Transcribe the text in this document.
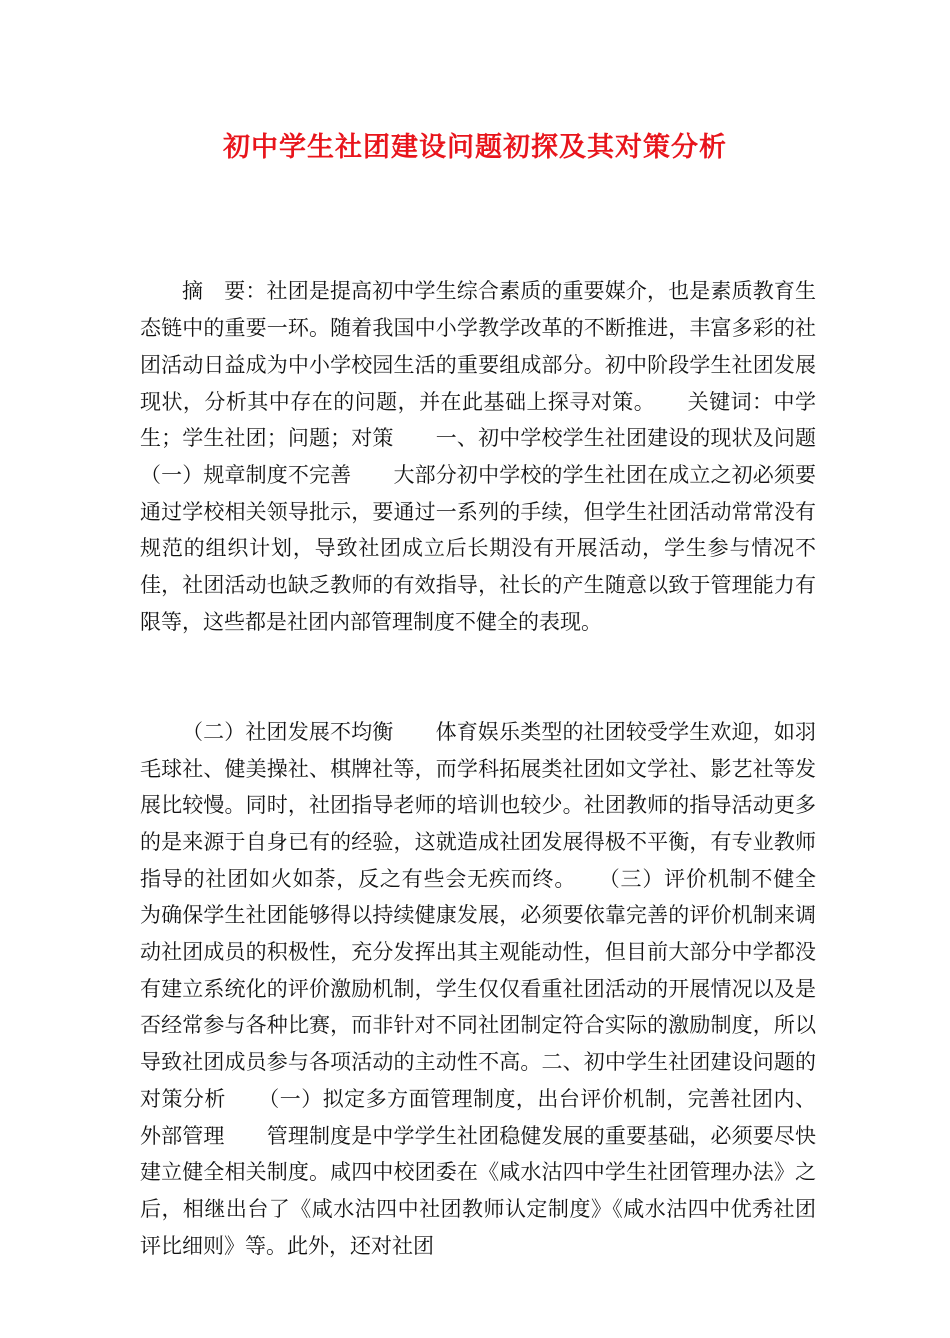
初中学生社团建设问题初探及其对策分析

摘　要：社团是提高初中学生综合素质的重要媒介，也是素质教育生态链中的重要一环。随着我国中小学教学改革的不断推进，丰富多彩的社团活动日益成为中小学校园生活的重要组成部分。初中阶段学生社团发展现状，分析其中存在的问题，并在此基础上探寻对策。　　关键词：中学生；学生社团；问题；对策　　一、初中学校学生社团建设的现状及问题　　（一）规章制度不完善　　大部分初中学校的学生社团在成立之初必须要通过学校相关领导批示，要通过一系列的手续，但学生社团活动常常没有规范的组织计划，导致社团成立后长期没有开展活动，学生参与情况不佳，社团活动也缺乏教师的有效指导，社长的产生随意以致于管理能力有限等，这些都是社团内部管理制度不健全的表现。

（二）社团发展不均衡　　体育娱乐类型的社团较受学生欢迎，如羽毛球社、健美操社、棋牌社等，而学科拓展类社团如文学社、影艺社等发展比较慢。同时，社团指导老师的培训也较少。社团教师的指导活动更多的是来源于自身已有的经验，这就造成社团发展得极不平衡，有专业教师指导的社团如火如荼，反之有些会无疾而终。　　（三）评价机制不健全　　为确保学生社团能够得以持续健康发展，必须要依靠完善的评价机制来调动社团成员的积极性，充分发挥出其主观能动性，但目前大部分中学都没有建立系统化的评价激励机制，学生仅仅看重社团活动的开展情况以及是否经常参与各种比赛，而非针对不同社团制定符合实际的激励制度，所以导致社团成员参与各项活动的主动性不高。二、初中学生社团建设问题的对策分析　　（一）拟定多方面管理制度，出台评价机制，完善社团内、外部管理　　管理制度是中学学生社团稳健发展的重要基础，必须要尽快建立健全相关制度。咸四中校团委在《咸水沽四中学生社团管理办法》之后，相继出台了《咸水沽四中社团教师认定制度》《咸水沽四中优秀社团评比细则》等。此外，还对社团
